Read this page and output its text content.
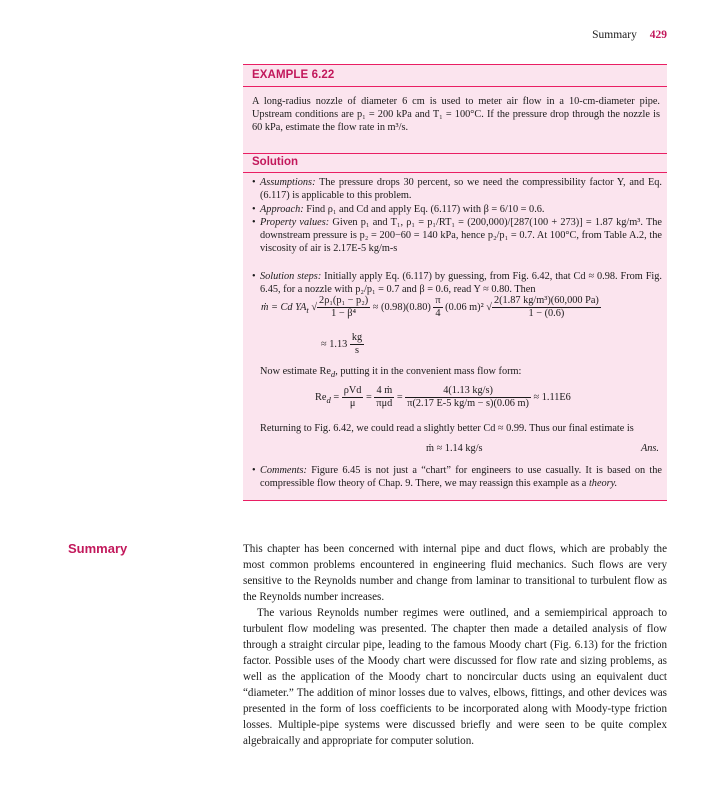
Summary 429
EXAMPLE 6.22
A long-radius nozzle of diameter 6 cm is used to meter air flow in a 10-cm-diameter pipe. Upstream conditions are p₁ = 200 kPa and T₁ = 100°C. If the pressure drop through the nozzle is 60 kPa, estimate the flow rate in m³/s.
Solution
• Assumptions: The pressure drops 30 percent, so we need the compressibility factor Y, and Eq. (6.117) is applicable to this problem.
• Approach: Find ρ₁ and Cd and apply Eq. (6.117) with β = 6/10 = 0.6.
• Property values: Given p₁ and T₁, ρ₁ = p₁/RT₁ = (200,000)/[287(100 + 273)] = 1.87 kg/m³. The downstream pressure is p₂ = 200−60 = 140 kPa, hence p₂/p₁ = 0.7. At 100°C, from Table A.2, the viscosity of air is 2.17E-5 kg/m-s
• Solution steps: Initially apply Eq. (6.117) by guessing, from Fig. 6.42, that Cd ≈ 0.98. From Fig. 6.45, for a nozzle with p₂/p₁ = 0.7 and β = 0.6, read Y ≈ 0.80. Then
ṁ = Cd $YA_t$ √ $\frac{\text{2ρ₁(p₁ − p₂)}}{\text{1 − β⁴}} \approx (0.98)(0.80) \frac{\pi}{4} (0.06$ m)² √ $\frac{\text{2(1.87 kg/m³)(60,000 Pa)}}{1 - (0.6)}$
≈ $1.13 \frac{kg}{s}$
Now estimate $Re_d$, putting it in the convenient mass flow form:
$Re_d = \frac{\text{ρVd}}{\mu} = \frac{\text{4 ṁ}}{\text{πμd}} = \frac{4(1.13 kg/s)}{\pi(2.17 E-5 kg/m - s)(0.06 m)} \approx 1.11E6$
Returning to Fig. 6.42, we could read a slightly better Cd ≈ 0.99. Thus our final estimate is
ṁ ≈ 1.14 kg/s	Ans.
• Comments: Figure 6.45 is not just a “chart” for engineers to use casually. It is based on the compressible flow theory of Chap. 9. There, we may reassign this example as a theory.
Summary	This chapter has been concerned with internal pipe and duct flows, which are probably the most common problems encountered in engineering fluid mechanics. Such flows are very sensitive to the Reynolds number and change from laminar to transitional to turbulent flow as the Reynolds number increases.

The various Reynolds number regimes were outlined, and a semiempirical approach to turbulent flow modeling was presented. The chapter then made a detailed analysis of flow through a straight circular pipe, leading to the famous Moody chart (Fig. 6.13) for the friction factor. Possible uses of the Moody chart were discussed for flow rate and sizing problems, as well as the application of the Moody chart to noncircular ducts using an equivalent duct “diameter.” The addition of minor losses due to valves, elbows, fittings, and other devices was presented in the form of loss coefficients to be incorporated along with Moody-type friction losses. Multiple-pipe systems were discussed briefly and were seen to be quite complex algebraically and appropriate for computer solution.
